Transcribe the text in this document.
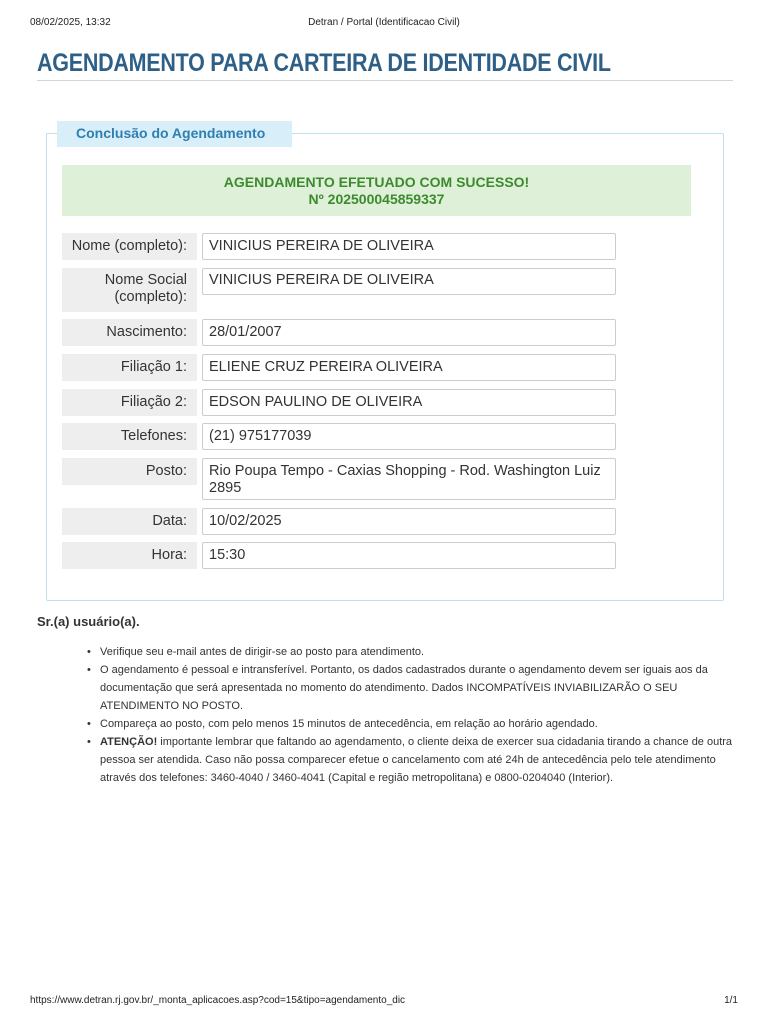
08/02/2025, 13:32	Detran / Portal (Identificacao Civil)
AGENDAMENTO PARA CARTEIRA DE IDENTIDADE CIVIL
Conclusão do Agendamento
AGENDAMENTO EFETUADO COM SUCESSO!
Nº 202500045859337
Nome (completo):	VINICIUS PEREIRA DE OLIVEIRA
Nome Social (completo):
VINICIUS PEREIRA DE OLIVEIRA
Nascimento:	28/01/2007
Filiação 1:	ELIENE CRUZ PEREIRA OLIVEIRA
Filiação 2:	EDSON PAULINO DE OLIVEIRA
Telefones:	(21) 975177039
Posto:	Rio Poupa Tempo - Caxias Shopping - Rod. Washington Luiz 2895
Data:	10/02/2025
Hora:	15:30
Sr.(a) usuário(a).
• Verifique seu e-mail antes de dirigir-se ao posto para atendimento.
• O agendamento é pessoal e intransferível. Portanto, os dados cadastrados durante o agendamento devem ser iguais aos da documentação que será apresentada no momento do atendimento. Dados INCOMPATÍVEIS INVIABILIZARÃO O SEU ATENDIMENTO NO POSTO.
• Compareça ao posto, com pelo menos 15 minutos de antecedência, em relação ao horário agendado.
• ATENÇÃO! importante lembrar que faltando ao agendamento, o cliente deixa de exercer sua cidadania tirando a chance de outra pessoa ser atendida. Caso não possa comparecer efetue o cancelamento com até 24h de antecedência pelo tele atendimento através dos telefones: 3460-4040 / 3460-4041 (Capital e região metropolitana) e 0800-0204040 (Interior).
https://www.detran.rj.gov.br/_monta_aplicacoes.asp?cod=15&tipo=agendamento_dic	1/1
